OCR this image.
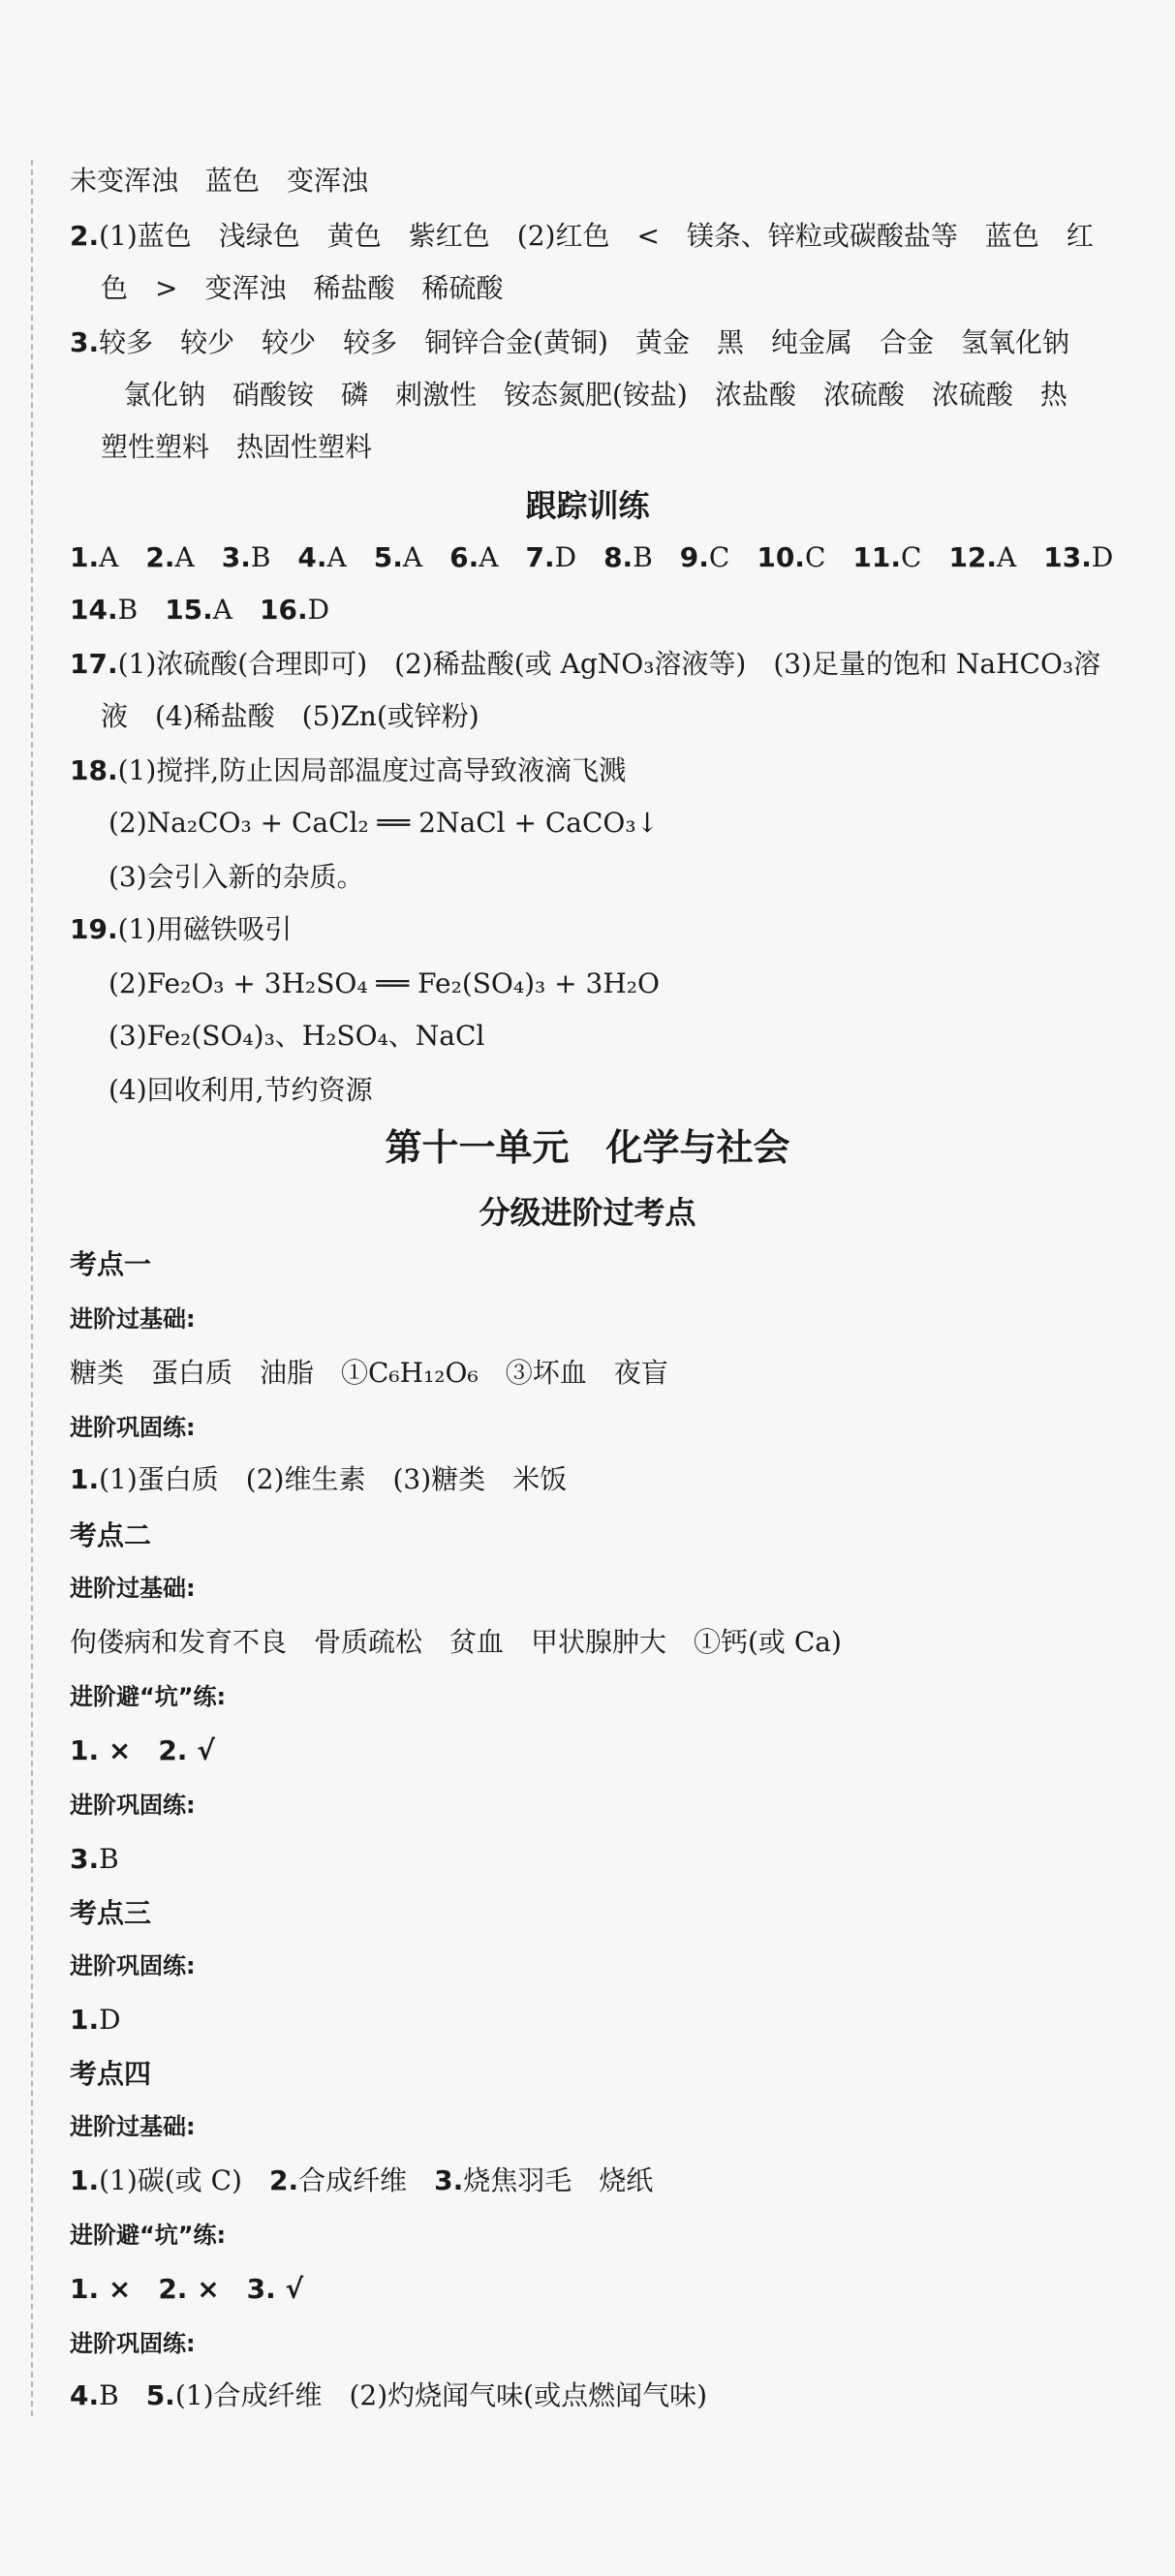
未变浑浊　蓝色　变浑浊
2.(1)蓝色　浅绿色　黄色　紫红色　(2)红色　<　镁条、锌粒或碳酸盐等　蓝色　红
色　>　变浑浊　稀盐酸　稀硫酸
3.较多　较少　较少　较多　铜锌合金(黄铜)　黄金　黑　纯金属　合金　氢氧化钠
氯化钠　硝酸铵　磷　刺激性　铵态氮肥(铵盐)　浓盐酸　浓硫酸　浓硫酸　热
塑性塑料　热固性塑料
跟踪训练
1.A 2.A 3.B 4.A 5.A 6.A 7.D 8.B 9.C 10.C 11.C 12.A 13.D
14.B 15.A 16.D
17.(1)浓硫酸(合理即可)　(2)稀盐酸(或 AgNO₃溶液等)　(3)足量的饱和 NaHCO₃溶
液　(4)稀盐酸　(5)Zn(或锌粉)
18.(1)搅拌,防止因局部温度过高导致液滴飞溅
(2)Na₂CO₃ + CaCl₂ ══ 2NaCl + CaCO₃↓
(3)会引入新的杂质。
19.(1)用磁铁吸引
(2)Fe₂O₃ + 3H₂SO₄ ══ Fe₂(SO₄)₃ + 3H₂O
(3)Fe₂(SO₄)₃、H₂SO₄、NaCl
(4)回收利用,节约资源
第十一单元　化学与社会
分级进阶过考点
考点一
进阶过基础:
糖类　蛋白质　油脂　①C₆H₁₂O₆　③坏血　夜盲
进阶巩固练:
1.(1)蛋白质　(2)维生素　(3)糖类　米饭
考点二
进阶过基础:
佝偻病和发育不良　骨质疏松　贫血　甲状腺肿大　①钙(或 Ca)
进阶避“坑”练:
1. ×　2. √
进阶巩固练:
3.B
考点三
进阶巩固练:
1.D
考点四
进阶过基础:
1.(1)碳(或 C)　2.合成纤维　3.烧焦羽毛　烧纸
进阶避“坑”练:
1. ×　2. ×　3. √
进阶巩固练:
4.B　5.(1)合成纤维　(2)灼烧闻气味(或点燃闻气味)
